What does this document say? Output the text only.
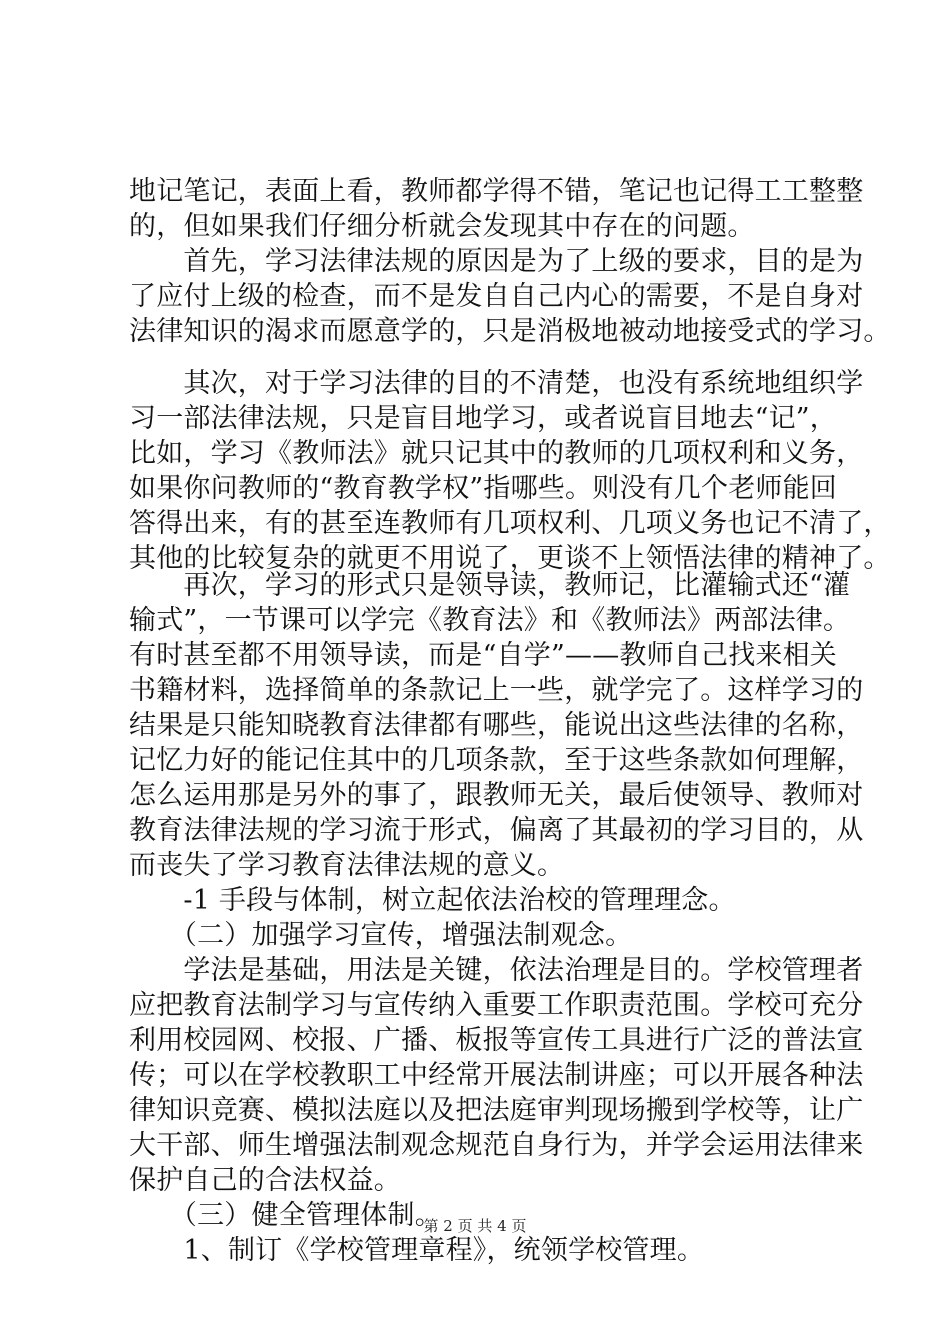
地记笔记，表面上看，教师都学得不错，笔记也记得工工整整
的，但如果我们仔细分析就会发现其中存在的问题。
　　首先，学习法律法规的原因是为了上级的要求，目的是为
了应付上级的检查，而不是发自自己内心的需要，不是自身对
法律知识的渴求而愿意学的，只是消极地被动地接受式的学习。
　　其次，对于学习法律的目的不清楚，也没有系统地组织学
习一部法律法规，只是盲目地学习，或者说盲目地去“记”，
比如，学习《教师法》就只记其中的教师的几项权利和义务，
如果你问教师的“教育教学权”指哪些。则没有几个老师能回
答得出来，有的甚至连教师有几项权利、几项义务也记不清了，
其他的比较复杂的就更不用说了，更谈不上领悟法律的精神了。
　　再次，学习的形式只是领导读，教师记，比灌输式还“灌
输式”，一节课可以学完《教育法》和《教师法》两部法律。
有时甚至都不用领导读，而是“自学”——教师自己找来相关
书籍材料，选择简单的条款记上一些，就学完了。这样学习的
结果是只能知晓教育法律都有哪些，能说出这些法律的名称，
记忆力好的能记住其中的几项条款，至于这些条款如何理解，
怎么运用那是另外的事了，跟教师无关，最后使领导、教师对
教育法律法规的学习流于形式，偏离了其最初的学习目的，从
而丧失了学习教育法律法规的意义。
　　-1 手段与体制，树立起依法治校的管理理念。
　　（二）加强学习宣传，增强法制观念。
　　学法是基础，用法是关键，依法治理是目的。学校管理者
应把教育法制学习与宣传纳入重要工作职责范围。学校可充分
利用校园网、校报、广播、板报等宣传工具进行广泛的普法宣
传；可以在学校教职工中经常开展法制讲座；可以开展各种法
律知识竞赛、模拟法庭以及把法庭审判现场搬到学校等，让广
大干部、师生增强法制观念规范自身行为，并学会运用法律来
保护自己的合法权益。
　　（三）健全管理体制。
　　1、制订《学校管理章程》，统领学校管理。
第 2 页 共 4 页
